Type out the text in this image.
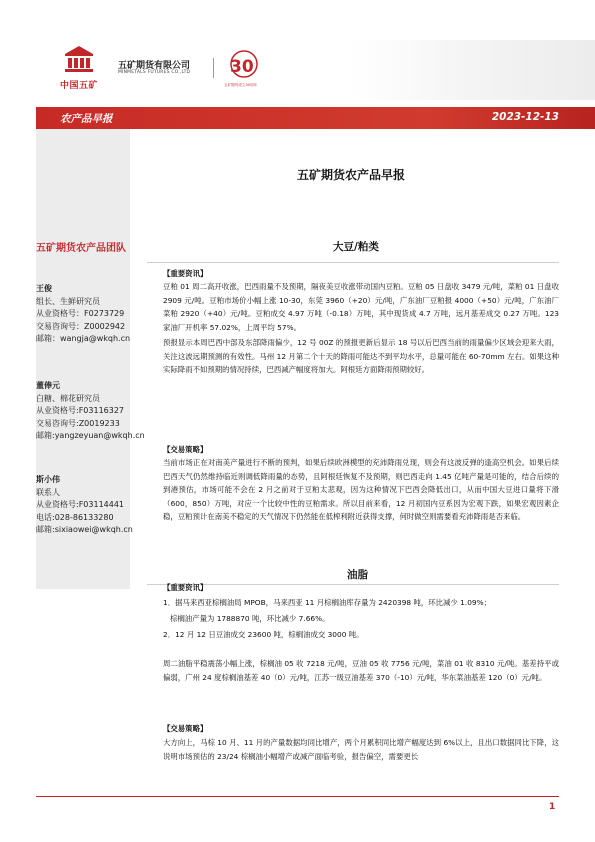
中国五矿
五矿期货有限公司
MINMETALS FUTURES CO.,LTD 30
五矿期货成立30周年
农产品早报	2023-12-13
五矿期货农产品早报
五矿期货农产品团队
王俊
组长、生鲜研究员
从业资格号：F0273729
交易咨询号：Z0002942
邮箱：wangja@wkqh.cn
董俸元
白糖、棉花研究员
从业资格号:F03116327
交易咨询号:Z0019233
邮箱:yangzeyuan@wkqh.cn
斯小伟
联系人
从业资格号:F03114441
电话:028-86133280
邮箱:sixiaowei@wkqh.cn
大豆/粕类
【重要资讯】
豆粕 01 周二高开收涨，巴西雨量不及预期，隔夜美豆收涨带动国内豆粕。豆粕 05 日盘收 3479 元/吨，菜粕 01 日盘收 2909 元/吨。豆粕市场价小幅上涨 10-30，东莞 3960（+20）元/吨，广东油厂豆粕报 4000（+50）元/吨，广东油厂菜粕 2920（+40）元/吨。豆粕成交 4.97 万吨（-0.18）万吨，其中现货成 4.7 万吨，远月基差成交 0.27 万吨。123 家油厂开机率 57.02%，上周平均 57%。
预报显示本周巴西中部及东部降雨偏少，12 号 00Z 的预报更新后显示 18 号以后巴西当前的雨量偏少区域会迎来大雨，关注这波远期预测的有效性。马州 12 月第二个十天的降雨可能达不到平均水平，总量可能在 60-70mm 左右。如果这种实际降雨不如预期的情况持续，巴西减产幅度将加大。阿根廷方面降雨预期较好。
【交易策略】
当前市场正在对南美产量进行不断的预判，如果后续欧洲模型的充沛降雨兑现，则会有这波反弹的逢高空机会。如果后续巴西天气仍然维持临近则调低降雨量的态势，且阿根廷恢复不及预期，则巴西走向 1.45 亿吨产量是可能的，结合后续的到港预估，市场可能不会在 2 月之前对于豆粕太悲观，因为这种情况下巴西会降低出口，从而中国大豆进口量将下滑（600，850）万吨，对应一个比较中性的豆粕需求。所以目前来看，12 月初国内豆系因为宏观下跌，如果宏观因素企稳，豆粕预计在南美不稳定的天气情况下仍然能在低榨利附近获得支撑，何时做空则需要看充沛降雨是否来临。
油脂
【重要资讯】
1．据马来西亚棕榈油局 MPOB，马来西亚 11 月棕榈油库存量为 2420398 吨，环比减少 1.09%；
棕榈油产量为 1788870 吨，环比减少 7.66%。
2．12 月 12 日豆油成交 23600 吨，棕榈油成交 3000 吨。
周二油脂平稳震荡小幅上涨，棕榈油 05 收 7218 元/吨，豆油 05 收 7756 元/吨，菜油 01 收 8310 元/吨。基差持平或偏弱，广州 24 度棕榈油基差 40（0）元/吨，江苏一级豆油基差 370（-10）元/吨，华东菜油基差 120（0）元/吨。
【交易策略】
大方向上，马棕 10 月、11 月的产量数据均同比增产，两个月累积同比增产幅度达到 6%以上，且出口数据同比下降，这说明市场预估的 23/24 棕榈油小幅增产或减产面临考验，报告偏空，需要更长
1
